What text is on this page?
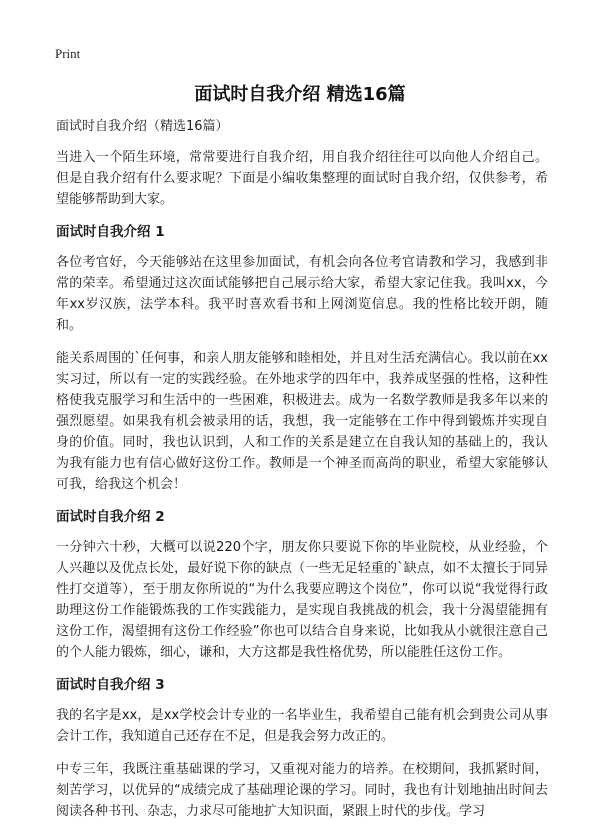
Print
面试时自我介绍 精选16篇

面试时自我介绍（精选16篇）

当进入一个陌生环境，常常要进行自我介绍，用自我介绍往往可以向他人介绍自己。但是自我介绍有什么要求呢？下面是小编收集整理的面试时自我介绍，仅供参考，希望能够帮助到大家。

面试时自我介绍 1

各位考官好，今天能够站在这里参加面试，有机会向各位考官请教和学习，我感到非常的荣幸。希望通过这次面试能够把自己展示给大家，希望大家记住我。我叫xx，今年xx岁汉族，法学本科。我平时喜欢看书和上网浏览信息。我的性格比较开朗，随和。

能关系周围的`任何事，和亲人朋友能够和睦相处，并且对生活充满信心。我以前在xx实习过，所以有一定的实践经验。在外地求学的四年中，我养成坚强的性格，这种性格使我克服学习和生活中的一些困难，积极进去。成为一名数学教师是我多年以来的强烈愿望。如果我有机会被录用的话，我想，我一定能够在工作中得到锻炼并实现自身的价值。同时，我也认识到，人和工作的关系是建立在自我认知的基础上的，我认为我有能力也有信心做好这份工作。教师是一个神圣而高尚的职业，希望大家能够认可我，给我这个机会！

面试时自我介绍 2

一分钟六十秒，大概可以说220个字，朋友你只要说下你的毕业院校，从业经验，个人兴趣以及优点长处，最好说下你的缺点（一些无足轻重的`缺点，如不太擅长于同异性打交道等），至于朋友你所说的“为什么我要应聘这个岗位”，你可以说“我觉得行政助理这份工作能锻炼我的工作实践能力，是实现自我挑战的机会，我十分渴望能拥有这份工作，渴望拥有这份工作经验”你也可以结合自身来说，比如我从小就很注意自己的个人能力锻炼，细心，谦和，大方这都是我性格优势，所以能胜任这份工作。

面试时自我介绍 3

我的名字是xx，是xx学校会计专业的一名毕业生，我希望自己能有机会到贵公司从事会计工作，我知道自己还存在不足，但是我会努力改正的。

中专三年，我既注重基础课的学习，又重视对能力的培养。在校期间，我抓紧时间，刻苦学习，以优异的“成绩完成了基础理论课的学习。同时，我也有计划地抽出时间去阅读各种书刊、杂志，力求尽可能地扩大知识面，紧跟上时代的步伐。学习
